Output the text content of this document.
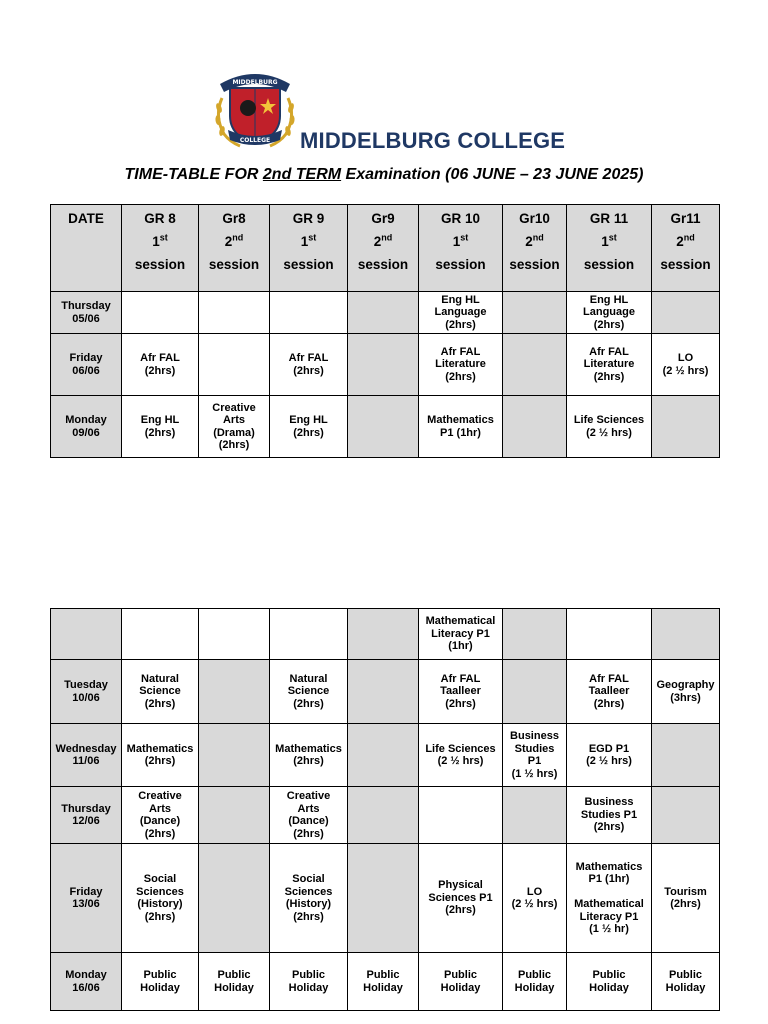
MIDDELBURG
COLLEGE MIDDELBURG COLLEGE
TIME-TABLE FOR 2nd TERM Examination (06 JUNE – 23 JUNE 2025)
DATE	GR 8
1st
session	Gr8
2nd
session	GR 9
1st
session	Gr9
2nd
session	GR 10
1st
session	Gr10
2nd
session	GR 11
1st
session	Gr11
2nd
session

Thursday
05/06					Eng HL
Language
(2hrs)		Eng HL
Language
(2hrs)	

Friday
06/06	Afr FAL
(2hrs)		Afr FAL
(2hrs)		Afr FAL
Literature
(2hrs)		Afr FAL
Literature
(2hrs)	LO
(2 ½ hrs)

Monday
09/06	Eng HL
(2hrs)	Creative
Arts
(Drama)
(2hrs)	Eng HL
(2hrs)		Mathematics
P1 (1hr)		Life Sciences
(2 ½ hrs)	
					Mathematical
Literacy P1
(1hr)			

Tuesday
10/06	Natural
Science
(2hrs)		Natural
Science
(2hrs)		Afr FAL
Taalleer
(2hrs)		Afr FAL
Taalleer
(2hrs)	Geography
(3hrs)

Wednesday
11/06	Mathematics
(2hrs)		Mathematics
(2hrs)		Life Sciences
(2 ½ hrs)	Business
Studies
P1
(1 ½ hrs)	EGD P1
(2 ½ hrs)	

Thursday
12/06	Creative
Arts
(Dance)
(2hrs)		Creative
Arts
(Dance)
(2hrs)				Business
Studies P1
(2hrs)	

Friday
13/06	Social
Sciences
(History)
(2hrs)		Social
Sciences
(History)
(2hrs)		Physical
Sciences P1
(2hrs)	LO
(2 ½ hrs)	Mathematics
P1 (1hr)

Mathematical
Literacy P1
(1 ½ hr)	Tourism
(2hrs)

Monday
16/06	Public
Holiday	Public
Holiday	Public
Holiday	Public
Holiday	Public
Holiday	Public
Holiday	Public
Holiday	Public
Holiday
